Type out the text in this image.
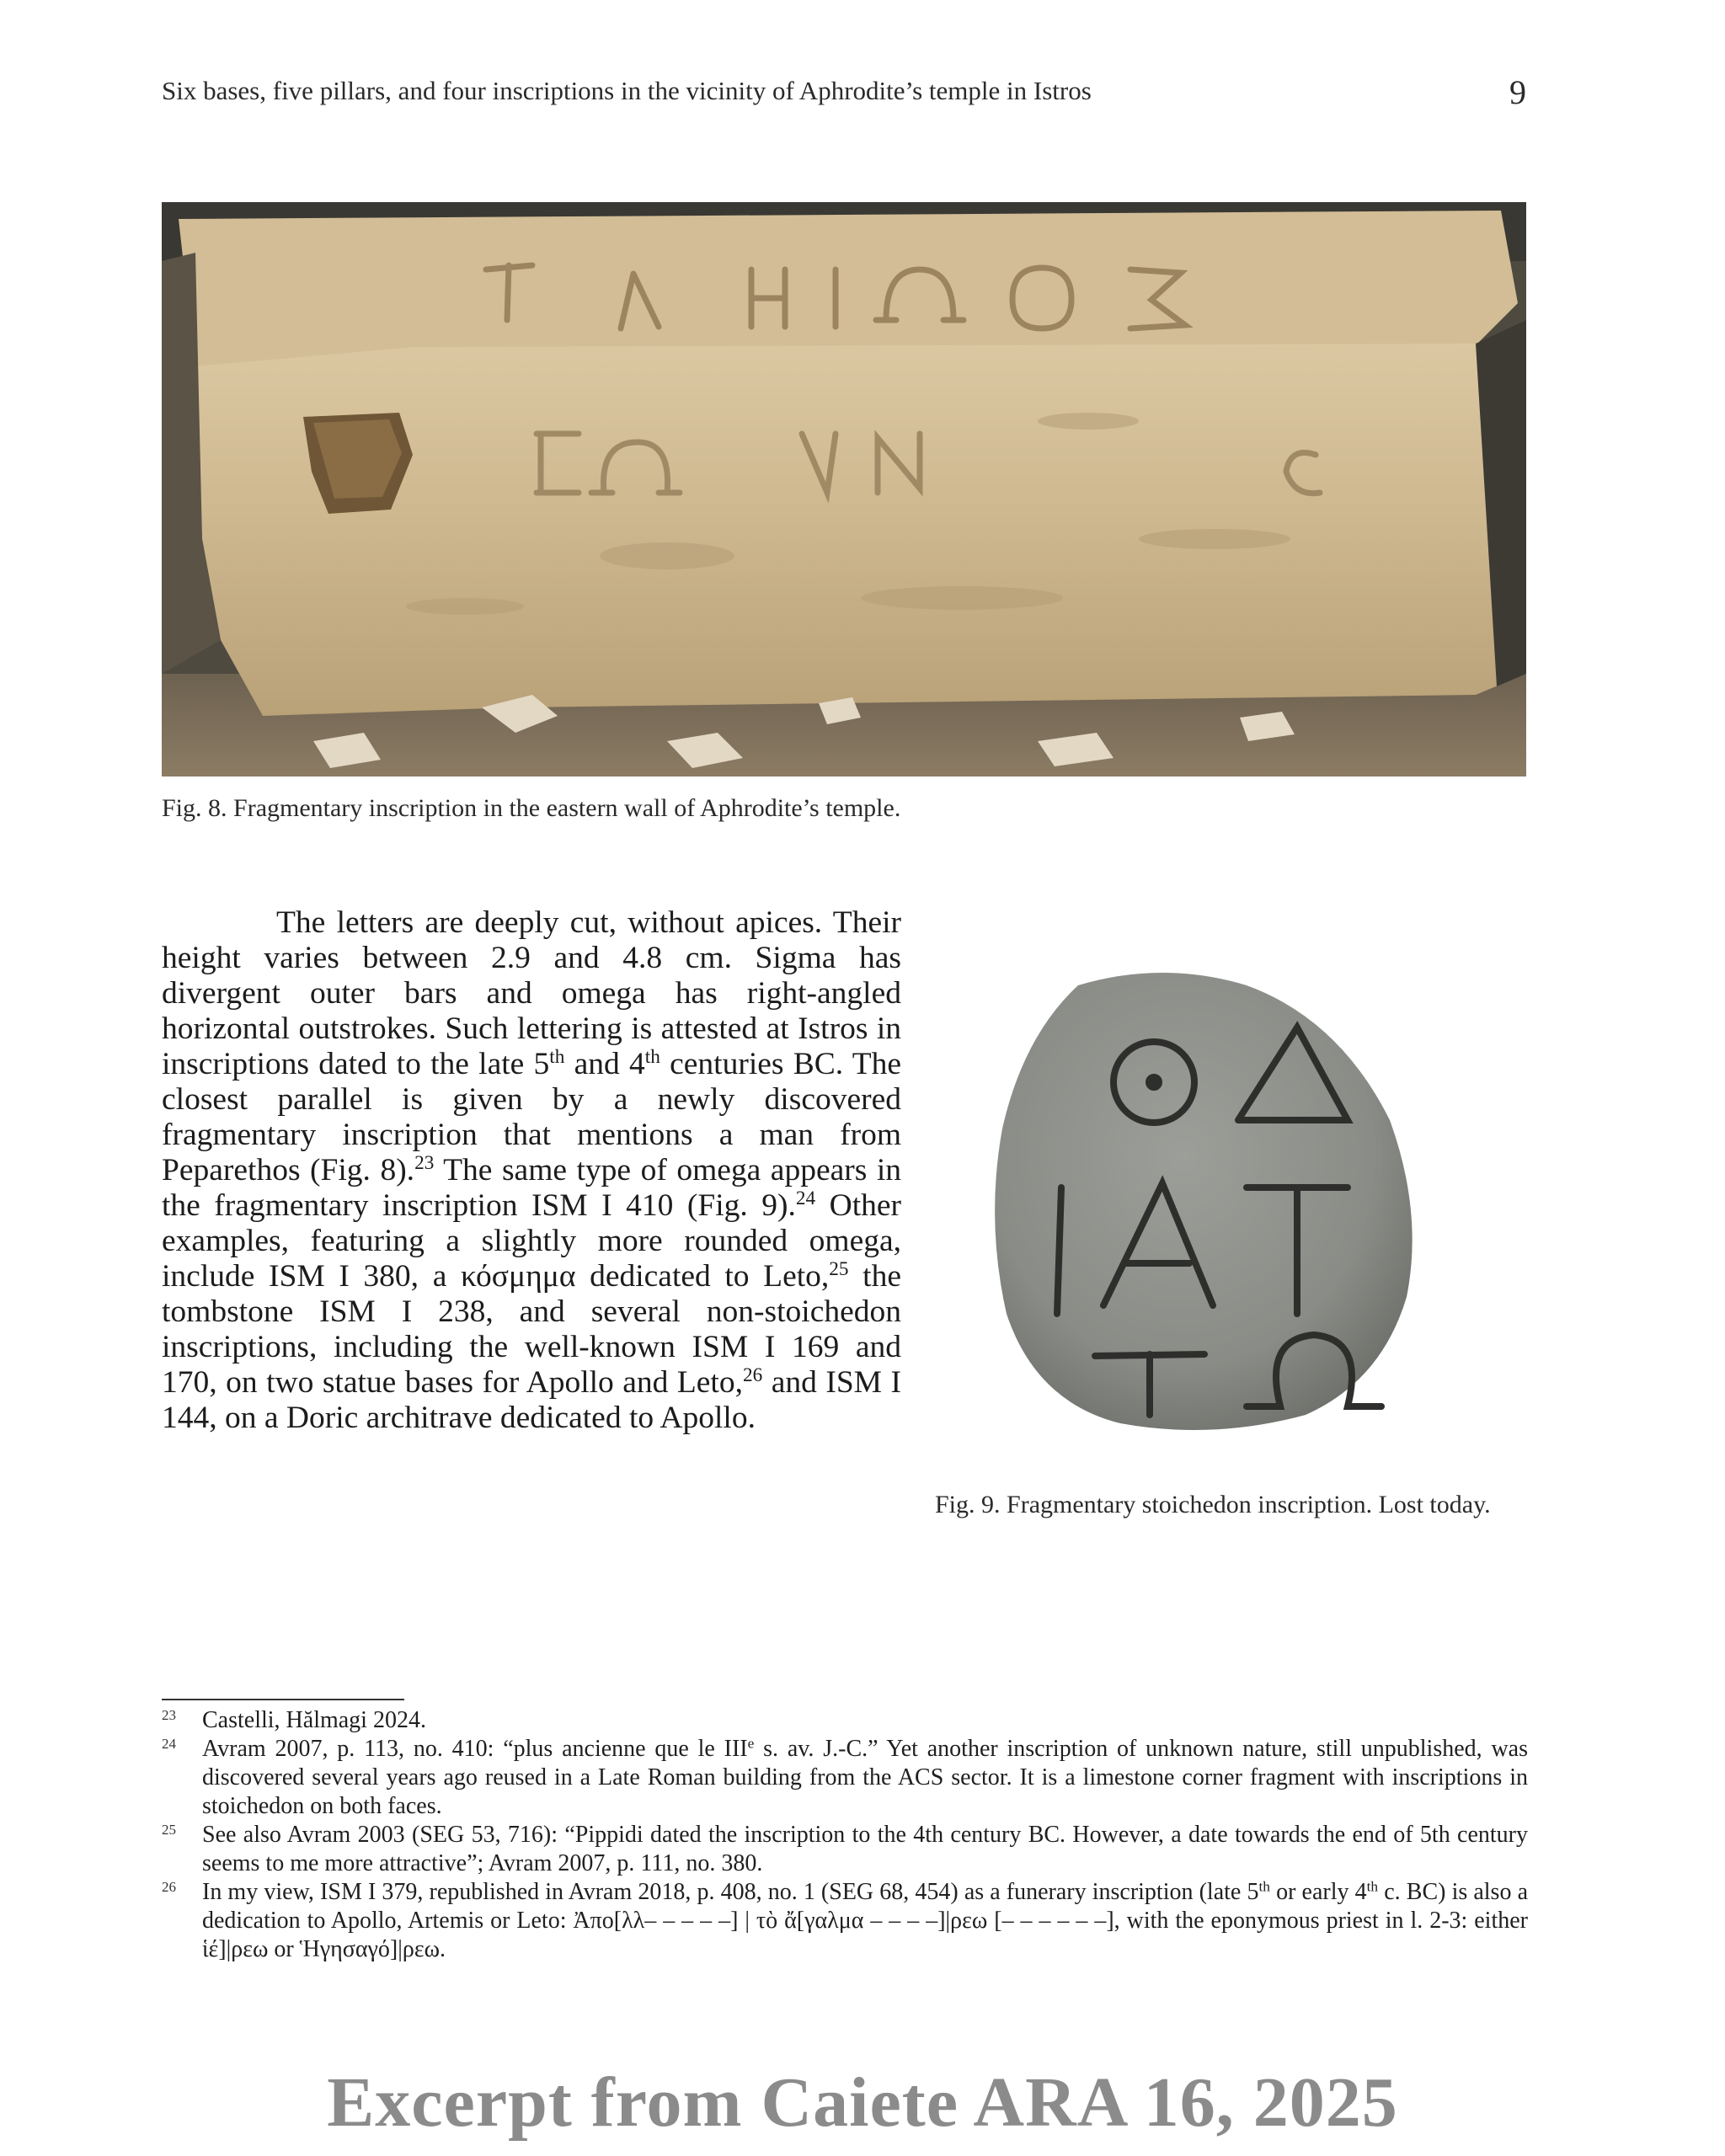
Six bases, five pillars, and four inscriptions in the vicinity of Aphrodite’s temple in Istros	9
Fig. 8. Fragmentary inscription in the eastern wall of Aphrodite’s temple.

The letters are deeply cut, without apices. Their height varies between 2.9 and 4.8 cm. Sigma has divergent outer bars and omega has right-angled horizontal outstrokes. Such lettering is attested at Istros in inscriptions dated to the late 5th and 4th centuries BC. The closest parallel is given by a newly discovered fragmentary inscription that mentions a man from Peparethos (Fig. 8).$^{23}$ The same type of omega appears in the fragmentary inscription ISM I 410 (Fig. 9).$^{24}$ Other examples, featuring a slightly more rounded omega, include ISM I 380, a κόσμημα dedicated to Leto,$^{25}$ the tombstone ISM I 238, and several non-stoichedon inscriptions, including the well-known ISM I 169 and 170, on two statue bases for Apollo and Leto,$^{26}$ and ISM I 144, on a Doric architrave dedicated to Apollo.

Fig. 9. Fragmentary stoichedon inscription. Lost today.
23 Castelli, Hălmagi 2024.
24 Avram 2007, p. 113, no. 410: “plus ancienne que le IIIe s. av. J.-C.” Yet another inscription of unknown nature, still unpublished, was discovered several years ago reused in a Late Roman building from the ACS sector. It is a limestone corner fragment with inscriptions in stoichedon on both faces.
25 See also Avram 2003 (SEG 53, 716): “Pippidi dated the inscription to the 4th century BC. However, a date towards the end of 5th century seems to me more attractive”; Avram 2007, p. 111, no. 380.
26 In my view, ISM I 379, republished in Avram 2018, p. 408, no. 1 (SEG 68, 454) as a funerary inscription (late 5th or early 4th c. BC) is also a dedication to Apollo, Artemis or Leto: Ἀπο[λλ– – – – –] | τὸ ἄ[γαλμα – – – –]|ρεω [– – – – – –], with the eponymous priest in l. 2-3: either ἱέ]|ρεω or Ἡγησαγό]|ρεω.
Excerpt from Caiete ARA 16, 2025
